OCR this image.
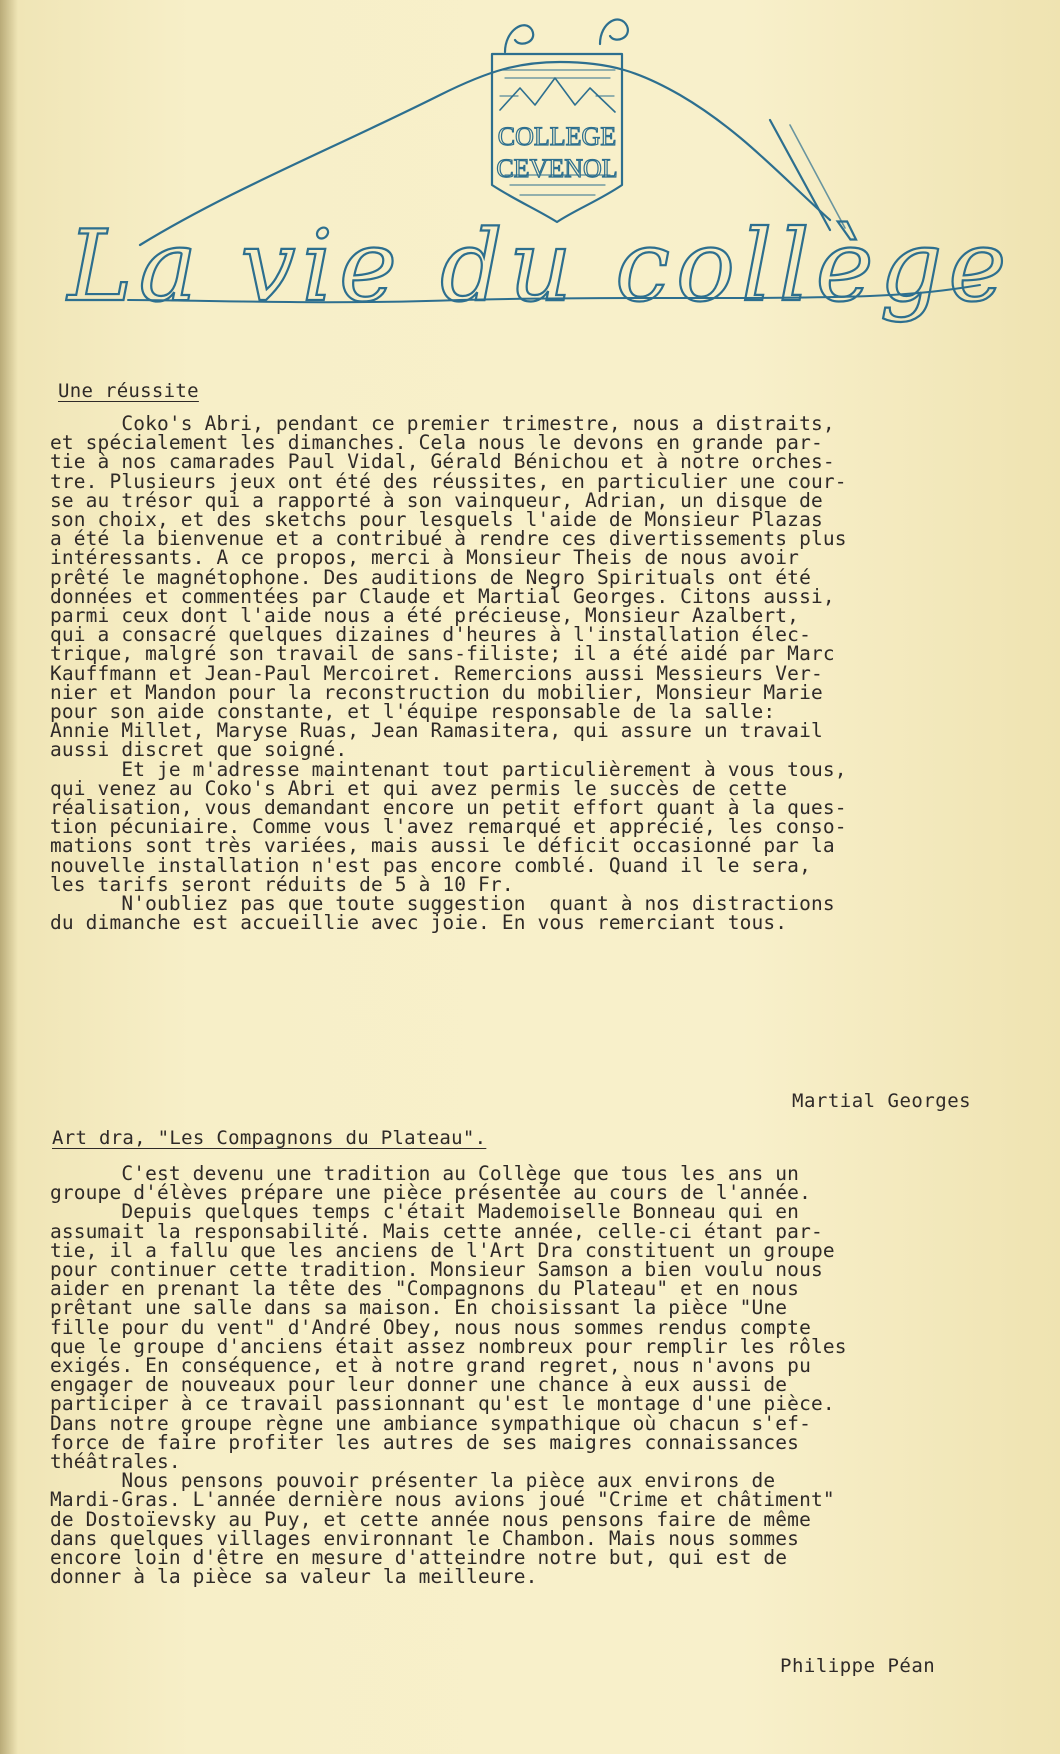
COLLEGE
CEVENOL
La vie du collège
Une réussite
Coko's Abri, pendant ce premier trimestre, nous a distraits,
et spécialement les dimanches. Cela nous le devons en grande par-
tie à nos camarades Paul Vidal, Gérald Bénichou et à notre orches-
tre. Plusieurs jeux ont été des réussites, en particulier une cour-
se au trésor qui a rapporté à son vainqueur, Adrian, un disque de
son choix, et des sketchs pour lesquels l'aide de Monsieur Plazas
a été la bienvenue et a contribué à rendre ces divertissements plus
intéressants. A ce propos, merci à Monsieur Theis de nous avoir
prêté le magnétophone. Des auditions de Negro Spirituals ont été
données et commentées par Claude et Martial Georges. Citons aussi,
parmi ceux dont l'aide nous a été précieuse, Monsieur Azalbert,
qui a consacré quelques dizaines d'heures à l'installation élec-
trique, malgré son travail de sans-filiste; il a été aidé par Marc
Kauffmann et Jean-Paul Mercoiret. Remercions aussi Messieurs Ver-
nier et Mandon pour la reconstruction du mobilier, Monsieur Marie
pour son aide constante, et l'équipe responsable de la salle:
Annie Millet, Maryse Ruas, Jean Ramasitera, qui assure un travail
aussi discret que soigné.
Et je m'adresse maintenant tout particulièrement à vous tous,
qui venez au Coko's Abri et qui avez permis le succès de cette
réalisation, vous demandant encore un petit effort quant à la ques-
tion pécuniaire. Comme vous l'avez remarqué et apprécié, les conso-
mations sont très variées, mais aussi le déficit occasionné par la
nouvelle installation n'est pas encore comblé. Quand il le sera,
les tarifs seront réduits de 5 à 10 Fr.
N'oubliez pas que toute suggestion  quant à nos distractions
du dimanche est accueillie avec joie. En vous remerciant tous.

Martial Georges

Art dra, "Les Compagnons du Plateau".
C'est devenu une tradition au Collège que tous les ans un
groupe d'élèves prépare une pièce présentée au cours de l'année.
Depuis quelques temps c'était Mademoiselle Bonneau qui en
assumait la responsabilité. Mais cette année, celle-ci étant par-
tie, il a fallu que les anciens de l'Art Dra constituent un groupe
pour continuer cette tradition. Monsieur Samson a bien voulu nous
aider en prenant la tête des "Compagnons du Plateau" et en nous
prêtant une salle dans sa maison. En choisissant la pièce "Une
fille pour du vent" d'André Obey, nous nous sommes rendus compte
que le groupe d'anciens était assez nombreux pour remplir les rôles
exigés. En conséquence, et à notre grand regret, nous n'avons pu
engager de nouveaux pour leur donner une chance à eux aussi de
participer à ce travail passionnant qu'est le montage d'une pièce.
Dans notre groupe règne une ambiance sympathique où chacun s'ef-
force de faire profiter les autres de ses maigres connaissances
théâtrales.
Nous pensons pouvoir présenter la pièce aux environs de
Mardi-Gras. L'année dernière nous avions joué "Crime et châtiment"
de Dostoïevsky au Puy, et cette année nous pensons faire de même
dans quelques villages environnant le Chambon. Mais nous sommes
encore loin d'être en mesure d'atteindre notre but, qui est de
donner à la pièce sa valeur la meilleure.

Philippe Péan
